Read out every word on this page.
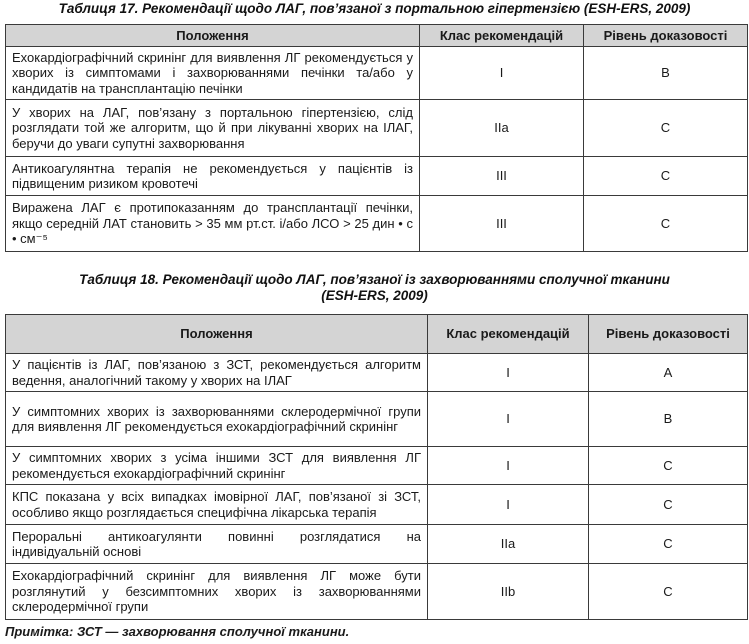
Таблиця 17. Рекомендації щодо ЛАГ, пов’язаної з портальною гіпертензією (ESH-ERS, 2009)
Положення	Клас рекомендацій	Рівень доказовості
Ехокардіографічний скринінг для виявлення ЛГ рекомендується у хворих із симптомами і захворюваннями печінки та/або у кандидатів на трансплантацію печінки	I	B
У хворих на ЛАГ, пов’язану з портальною гіпертензією, слід розглядати той же алгоритм, що й при лікуванні хворих на ІЛАГ, беручи до уваги супутні захворювання	IIa	C
Антикоагулянтна терапія не рекомендується у пацієнтів із підвищеним ризиком кровотечі	III	C
Виражена ЛАГ є протипоказанням до трансплантації печінки, якщо середній ЛАТ становить > 35 мм рт.ст. і/або ЛСО > 25 дин • с • см⁻⁵	III	C
Таблиця 18. Рекомендації щодо ЛАГ, пов’язаної із захворюваннями сполучної тканини
(ESH-ERS, 2009)
Положення	Клас рекомендацій	Рівень доказовості
У пацієнтів із ЛАГ, пов’язаною з ЗСТ, рекомендується алгоритм ведення, аналогічний такому у хворих на ІЛАГ	I	A
У симптомних хворих із захворюваннями склеродермічної групи для виявлення ЛГ рекомендується ехокардіографічний скринінг	I	B
У симптомних хворих з усіма іншими ЗСТ для виявлення ЛГ рекомендується ехокардіографічний скринінг	I	C
КПС показана у всіх випадках імовірної ЛАГ, пов’язаної зі ЗСТ, особливо якщо розглядається специфічна лікарська терапія	I	C
Пероральні антикоагулянти повинні розглядатися на індивідуальній основі	IIa	C
Ехокардіографічний скринінг для виявлення ЛГ може бути розглянутий у безсимптомних хворих із захворюваннями склеродермічної групи	IIb	C
Примітка: ЗСТ — захворювання сполучної тканини.
